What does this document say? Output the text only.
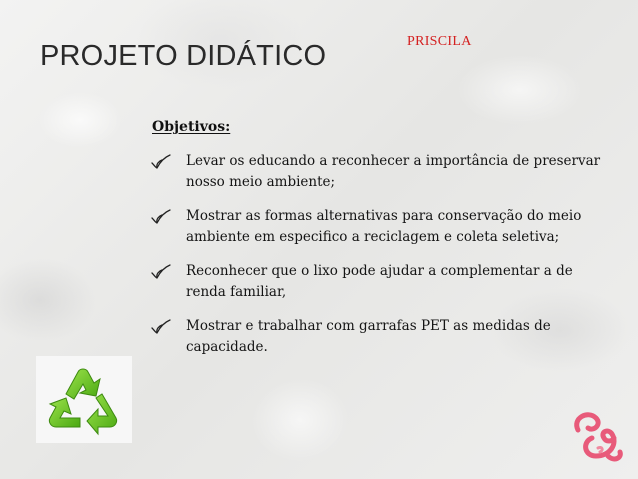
PRISCILA
PROJETO DIDÁTICO
Objetivos:
Levar os educando a reconhecer a importância de preservar nosso meio ambiente;
Mostrar as formas alternativas para conservação do meio ambiente em especifico a reciclagem e coleta seletiva;
Reconhecer que o lixo pode ajudar a complementar a de renda familiar,
Mostrar e trabalhar com garrafas PET as medidas de capacidade.
